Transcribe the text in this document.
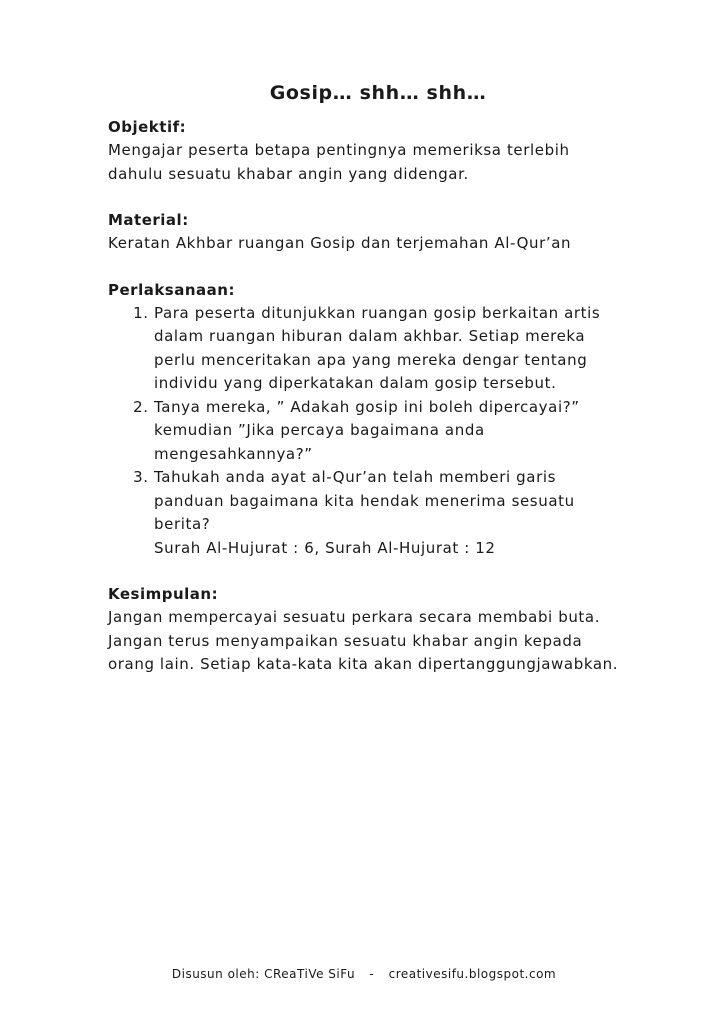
Gosip… shh… shh…

Objektif:

Mengajar peserta betapa pentingnya memeriksa terlebih dahulu sesuatu khabar angin yang didengar.

Material:

Keratan Akhbar ruangan Gosip dan terjemahan Al-Qur’an

Perlaksanaan:

1. Para peserta ditunjukkan ruangan gosip berkaitan artis dalam ruangan hiburan dalam akhbar. Setiap mereka perlu menceritakan apa yang mereka dengar tentang individu yang diperkatakan dalam gosip tersebut.
2. Tanya mereka, ” Adakah gosip ini boleh dipercayai?” kemudian ”Jika percaya bagaimana anda mengesahkannya?”
3. Tahukah anda ayat al-Qur’an telah memberi garis panduan bagaimana kita hendak menerima sesuatu berita?
Surah Al-Hujurat : 6, Surah Al-Hujurat : 12

Kesimpulan:

Jangan mempercayai sesuatu perkara secara membabi buta.

Jangan terus menyampaikan sesuatu khabar angin kepada orang lain. Setiap kata-kata kita akan dipertanggungjawabkan.

Disusun oleh: CReaTiVe SiFu - creativesifu.blogspot.com
